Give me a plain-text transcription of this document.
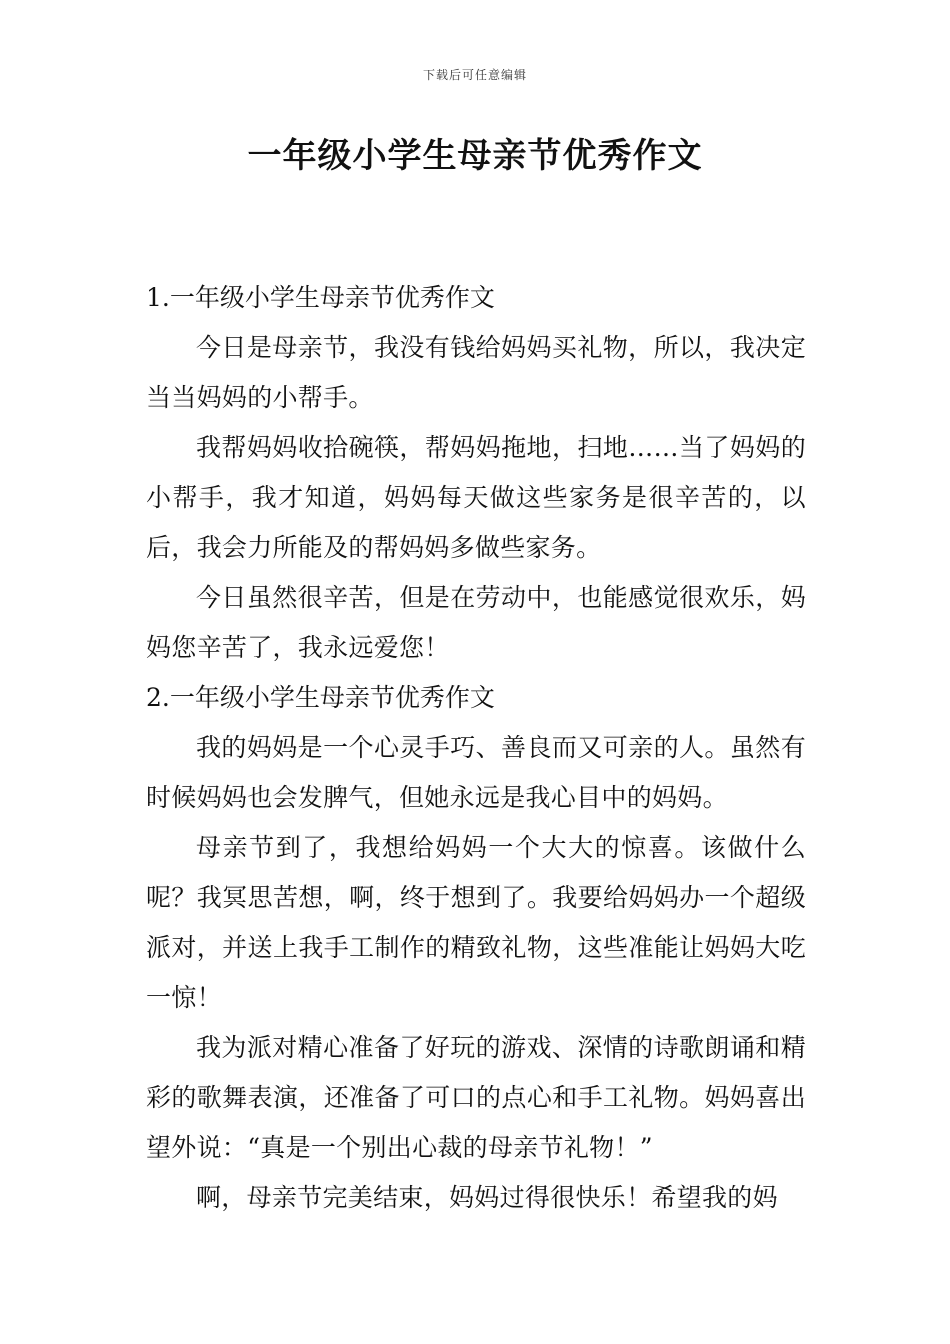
下载后可任意编辑
一年级小学生母亲节优秀作文
1.一年级小学生母亲节优秀作文

今日是母亲节，我没有钱给妈妈买礼物，所以，我决定当当妈妈的小帮手。

我帮妈妈收拾碗筷，帮妈妈拖地，扫地……当了妈妈的小帮手，我才知道，妈妈每天做这些家务是很辛苦的，以后，我会力所能及的帮妈妈多做些家务。

今日虽然很辛苦，但是在劳动中，也能感觉很欢乐，妈妈您辛苦了，我永远爱您！

2.一年级小学生母亲节优秀作文

我的妈妈是一个心灵手巧、善良而又可亲的人。虽然有时候妈妈也会发脾气，但她永远是我心目中的妈妈。

母亲节到了，我想给妈妈一个大大的惊喜。该做什么呢？我冥思苦想，啊，终于想到了。我要给妈妈办一个超级派对，并送上我手工制作的精致礼物，这些准能让妈妈大吃一惊！

我为派对精心准备了好玩的游戏、深情的诗歌朗诵和精彩的歌舞表演，还准备了可口的点心和手工礼物。妈妈喜出望外说：“真是一个别出心裁的母亲节礼物！”

啊，母亲节完美结束，妈妈过得很快乐！希望我的妈
